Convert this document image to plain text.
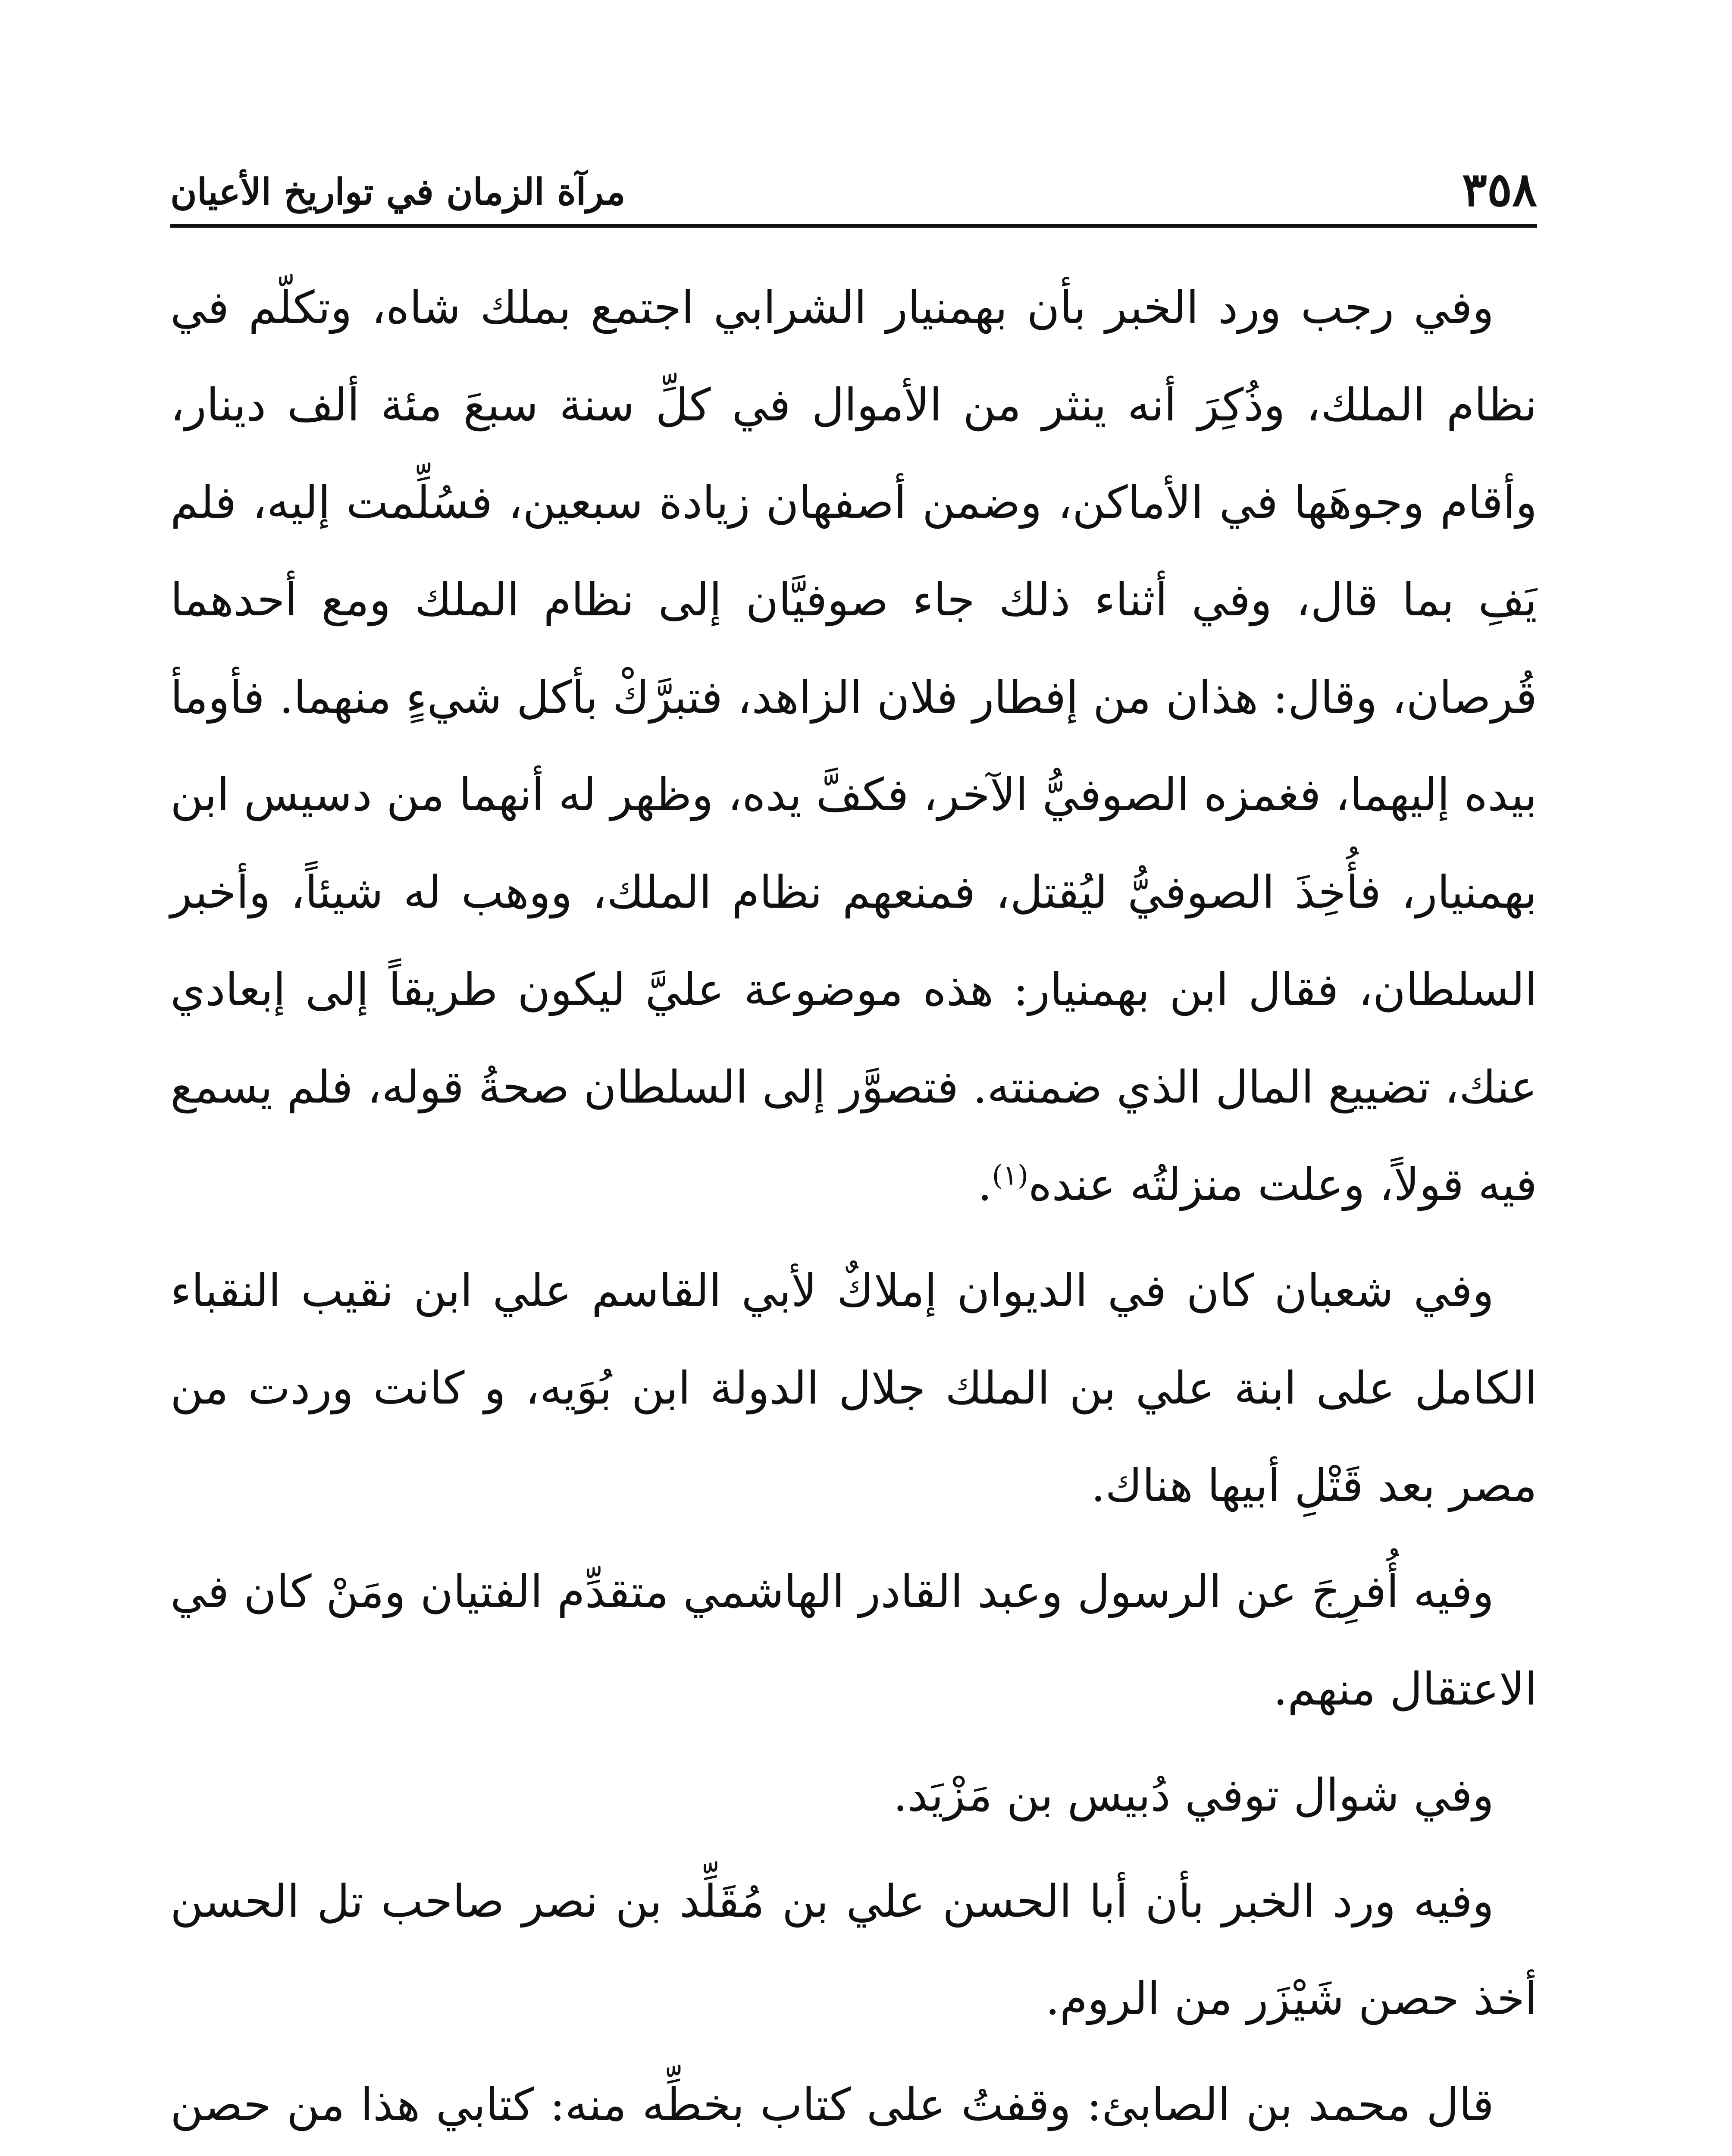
٣٥٨
مرآة الزمان في تواريخ الأعيان

وفي رجب ورد الخبر بأن بهمنيار الشرابي اجتمع بملك شاه، وتكلّم في نظام الملك، وذُكِرَ أنه ينثر من الأموال في كلِّ سنة سبعَ مئة ألف دينار، وأقام وجوهَها في الأماكن، وضمن أصفهان زيادة سبعين، فسُلِّمت إليه، فلم يَفِ بما قال، وفي أثناء ذلك جاء صوفيَّان إلى نظام الملك ومع أحدهما قُرصان، وقال: هذان من إفطار فلان الزاهد، فتبرَّكْ بأكل شيءٍ منهما. فأومأ بيده إليهما، فغمزه الصوفيُّ الآخر، فكفَّ يده، وظهر له أنهما من دسيس ابن بهمنيار، فأُخِذَ الصوفيُّ ليُقتل، فمنعهم نظام الملك، ووهب له شيئاً، وأخبر السلطان، فقال ابن بهمنيار: هذه موضوعة عليَّ ليكون طريقاً إلى إبعادي عنك، تضييع المال الذي ضمنته. فتصوَّر إلى السلطان صحةُ قوله، فلم يسمع فيه قولاً، وعلت منزلتُه عنده$^{(١)}$.

وفي شعبان كان في الديوان إملاكٌ لأبي القاسم علي ابن نقيب النقباء الكامل على ابنة علي بن الملك جلال الدولة ابن بُوَيه، و كانت وردت من مصر بعد قَتْلِ أبيها هناك.

وفيه أُفرِجَ عن الرسول وعبد القادر الهاشمي متقدِّم الفتيان ومَنْ كان في الاعتقال منهم.

وفي شوال توفي دُبيس بن مَزْيَد.

وفيه ورد الخبر بأن أبا الحسن علي بن مُقَلِّد بن نصر صاحب تل الحسن أخذ حصن شَيْزَر من الروم.

قال محمد بن الصابئ: وقفتُ على كتاب بخطِّه منه: كتابي هذا من حصن
